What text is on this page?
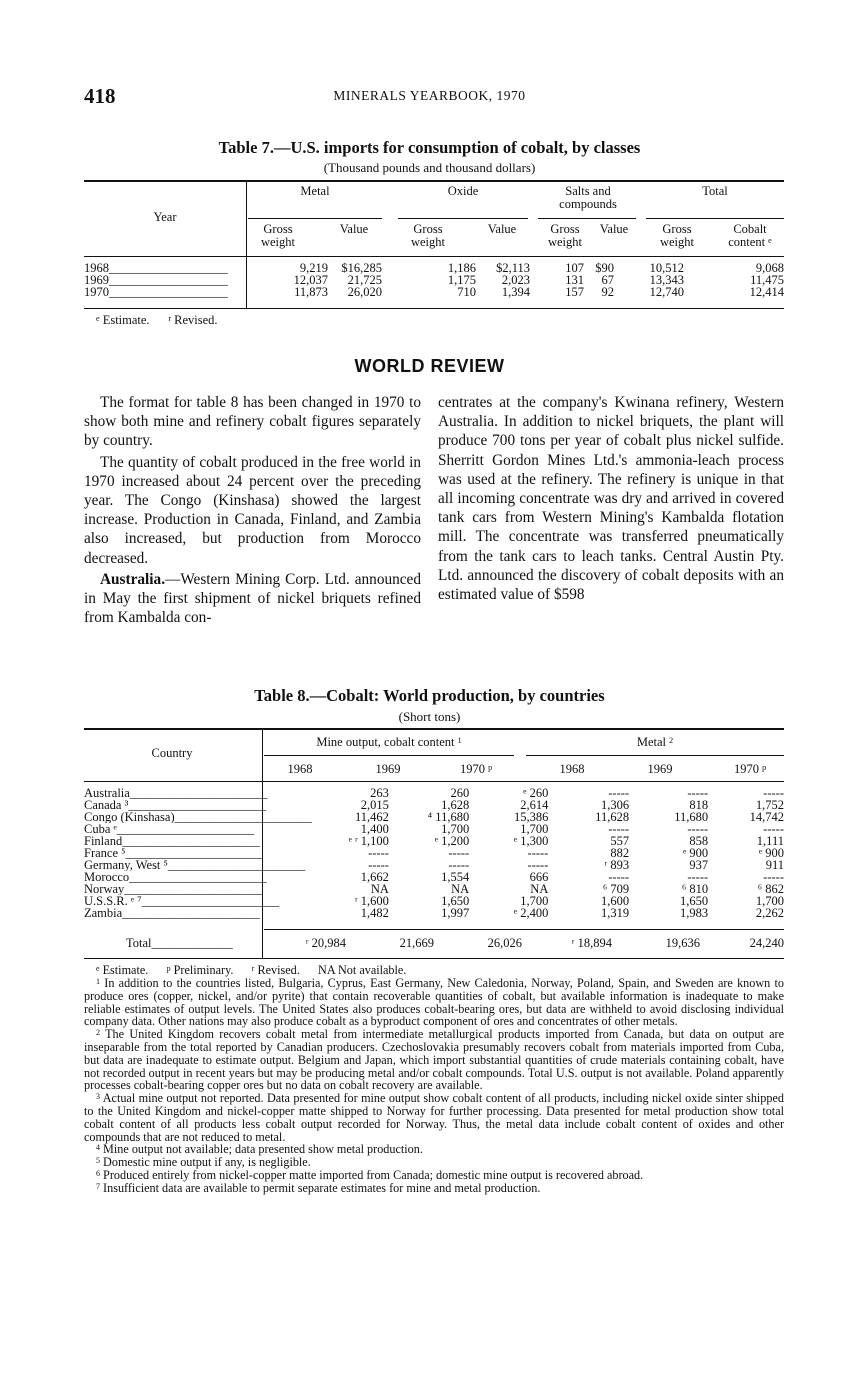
418	MINERALS YEARBOOK, 1970
Table 7.—U.S. imports for consumption of cobalt, by classes
(Thousand pounds and thousand dollars)
Year
Metal	Oxide	Salts and compounds
Total
Gross weight
Value	Gross weight
Value	Gross weight
Value	Gross weight
Cobalt content $^e$
1968___________________	9,219	$16,285	1,186	$2,113	107	$90	10,512	9,068
1969___________________	12,037	21,725	1,175	2,023	131	67	13,343	11,475
1970___________________	11,873	26,020	710	1,394	157	92	12,740	12,414
$^e$ Estimate. $^r$ Revised.
WORLD REVIEW

The format for table 8 has been changed in 1970 to show both mine and refinery cobalt figures separately by country.

The quantity of cobalt produced in the free world in 1970 increased about 24 percent over the preceding year. The Congo (Kinshasa) showed the largest increase. Production in Canada, Finland, and Zambia also increased, but production from Morocco decreased.

Australia.—Western Mining Corp. Ltd. announced in May the first shipment of nickel briquets refined from Kambalda con-

centrates at the company's Kwinana refinery, Western Australia. In addition to nickel briquets, the plant will produce 700 tons per year of cobalt plus nickel sulfide. Sherritt Gordon Mines Ltd.'s ammonia-leach process was used at the refinery. The refinery is unique in that all incoming concentrate was dry and arrived in covered tank cars from Western Mining's Kambalda flotation mill. The concentrate was transferred pneumatically from the tank cars to leach tanks. Central Austin Pty. Ltd. announced the discovery of cobalt deposits with an estimated value of $598

Table 8.—Cobalt: World production, by countries
(Short tons)
Country
Mine output, cobalt content $^1$	Metal $^2$
1968	1969	1970 $^p$	1968	1969	1970 $^p$
Australia______________________	263	260	ᵉ 260	-----	-----	-----
Canada ³______________________	2,015	1,628	2,614	1,306	818	1,752
Congo (Kinshasa)______________________	11,462	⁴ 11,680	15,386	11,628	11,680	14,742
Cuba ᵉ______________________	1,400	1,700	1,700	-----	-----	-----
Finland______________________	ᵉ ʳ 1,100	ᵉ 1,200	ᵉ 1,300	557	858	1,111
France ⁵______________________	-----	-----	-----	882	ᵉ 900	ᵉ 900
Germany, West ⁵______________________	-----	-----	-----	ʳ 893	937	911
Morocco______________________	1,662	1,554	666	-----	-----	-----
Norway______________________	NA	NA	NA	⁶ 709	⁶ 810	⁶ 862
U.S.S.R. ᵉ ⁷______________________	ʳ 1,600	1,650	1,700	1,600	1,650	1,700
Zambia______________________	1,482	1,997	ᵉ 2,400	1,319	1,983	2,262
Total_____________	ʳ 20,984	21,669	26,026	ʳ 18,894	19,636	24,240
$^e$ Estimate. $^p$ Preliminary. $^r$ Revised. NA Not available.

$^1$ In addition to the countries listed, Bulgaria, Cyprus, East Germany, New Caledonia, Norway, Poland, Spain, and Sweden are known to produce ores (copper, nickel, and/or pyrite) that contain recoverable quantities of cobalt, but available information is inadequate to make reliable estimates of output levels. The United States also produces cobalt-bearing ores, but data are withheld to avoid disclosing individual company data. Other nations may also produce cobalt as a byproduct component of ores and concentrates of other metals.

$^2$ The United Kingdom recovers cobalt metal from intermediate metallurgical products imported from Canada, but data on output are inseparable from the total reported by Canadian producers. Czechoslovakia presumably recovers cobalt from materials imported from Cuba, but data are inadequate to estimate output. Belgium and Japan, which import substantial quantities of crude materials containing cobalt, have not recorded output in recent years but may be producing metal and/or cobalt compounds. Total U.S. output is not available. Poland apparently processes cobalt-bearing copper ores but no data on cobalt recovery are available.

$^3$ Actual mine output not reported. Data presented for mine output show cobalt content of all products, including nickel oxide sinter shipped to the United Kingdom and nickel-copper matte shipped to Norway for further processing. Data presented for metal production show total cobalt content of all products less cobalt output recorded for Norway. Thus, the metal data include cobalt content of oxides and other compounds that are not reduced to metal.

$^4$ Mine output not available; data presented show metal production.

$^5$ Domestic mine output if any, is negligible.

$^6$ Produced entirely from nickel-copper matte imported from Canada; domestic mine output is recovered abroad.

$^7$ Insufficient data are available to permit separate estimates for mine and metal production.
